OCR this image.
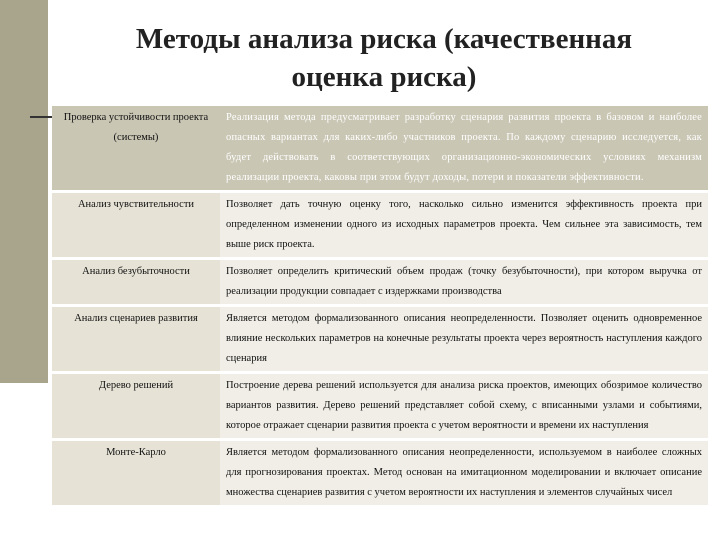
Методы анализа риска (качественная
оценка риска)
Проверка устойчивости проекта (системы)	Реализация метода предусматривает разработку сценария развития проекта в базовом и наиболее опасных вариантах для каких-либо участников проекта. По каждому сценарию исследуется, как будет действовать в соответствующих организационно-экономических условиях механизм реализации проекта, каковы при этом будут доходы, потери и показатели эффективности.
Анализ чувствительности	Позволяет дать точную оценку того, насколько сильно изменится эффективность проекта при определенном изменении одного из исходных параметров проекта. Чем сильнее эта зависимость, тем выше риск проекта.
Анализ безубыточности	Позволяет определить критический объем продаж (точку безубыточности), при котором выручка от реализации продукции совпадает с издержками производства
Анализ сценариев развития	Является методом формализованного описания неопределенности. Позволяет оценить одновременное влияние нескольких параметров на конечные результаты проекта через вероятность наступления каждого сценария
Дерево решений	Построение дерева решений используется для анализа риска проектов, имеющих обозримое количество вариантов развития. Дерево решений представляет собой схему, с вписанными узлами и событиями, которое отражает сценарии развития проекта с учетом вероятности и времени их наступления
Монте-Карло	Является методом формализованного описания неопределенности, используемом в наиболее сложных для прогнозирования проектах. Метод основан на имитационном моделировании и включает описание множества сценариев развития с учетом вероятности их наступления и элементов случайных чисел
